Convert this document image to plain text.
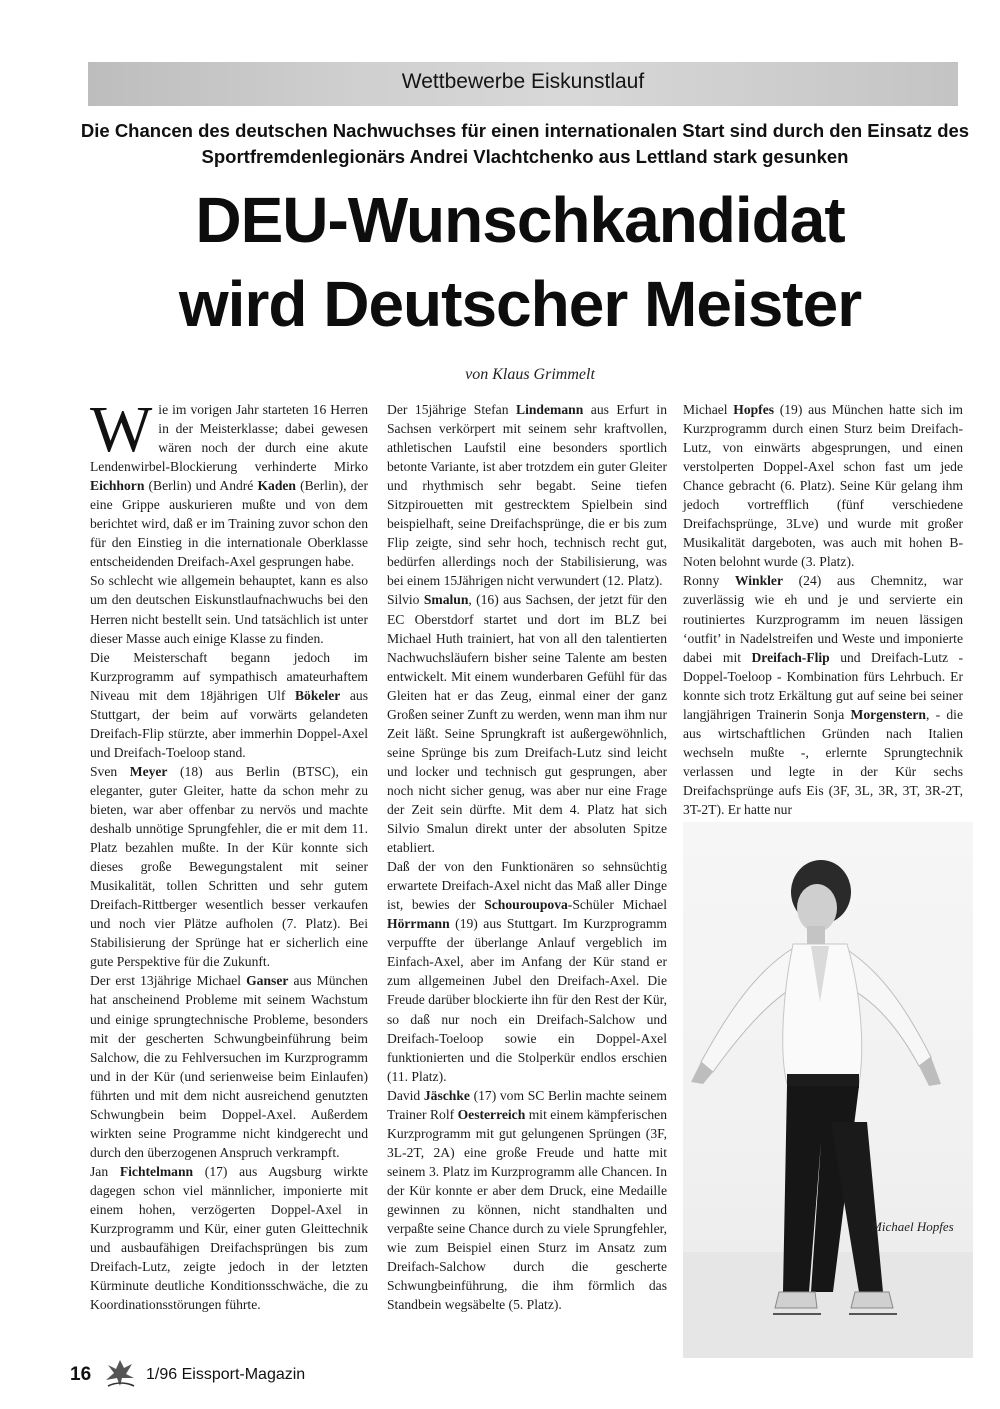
Wettbewerbe Eiskunstlauf
Die Chancen des deutschen Nachwuchses für einen internationalen Start sind durch den Einsatz des Sportfremdenlegionärs Andrei Vlachtchenko aus Lettland stark gesunken
DEU-Wunschkandidat
wird Deutscher Meister
von Klaus Grimmelt

Wie im vorigen Jahr starteten 16 Herren in der Meisterklasse; dabei gewesen wären noch der durch eine akute Lendenwirbel-Blockierung verhinderte Mirko Eichhorn (Berlin) und André Kaden (Berlin), der eine Grippe auskurieren mußte und von dem berichtet wird, daß er im Training zuvor schon den für den Einstieg in die internationale Oberklasse entscheidenden Dreifach-Axel gesprungen habe.

So schlecht wie allgemein behauptet, kann es also um den deutschen Eiskunstlaufnachwuchs bei den Herren nicht bestellt sein. Und tatsächlich ist unter dieser Masse auch einige Klasse zu finden.

Die Meisterschaft begann jedoch im Kurzprogramm auf sympathisch amateurhaftem Niveau mit dem 18jährigen Ulf Bökeler aus Stuttgart, der beim auf vorwärts gelandeten Dreifach-Flip stürzte, aber immerhin Doppel-Axel und Dreifach-Toeloop stand.

Sven Meyer (18) aus Berlin (BTSC), ein eleganter, guter Gleiter, hatte da schon mehr zu bieten, war aber offenbar zu nervös und machte deshalb unnötige Sprungfehler, die er mit dem 11. Platz bezahlen mußte. In der Kür konnte sich dieses große Bewegungstalent mit seiner Musikalität, tollen Schritten und sehr gutem Dreifach-Rittberger wesentlich besser verkaufen und noch vier Plätze aufholen (7. Platz). Bei Stabilisierung der Sprünge hat er sicherlich eine gute Perspektive für die Zukunft.

Der erst 13jährige Michael Ganser aus München hat anscheinend Probleme mit seinem Wachstum und einige sprungtechnische Probleme, besonders mit der gescherten Schwungbeinführung beim Salchow, die zu Fehlversuchen im Kurzprogramm und in der Kür (und serienweise beim Einlaufen) führten und mit dem nicht ausreichend genutzten Schwungbein beim Doppel-Axel. Außerdem wirkten seine Programme nicht kindgerecht und durch den überzogenen Anspruch verkrampft.

Jan Fichtelmann (17) aus Augsburg wirkte dagegen schon viel männlicher, imponierte mit einem hohen, verzögerten Doppel-Axel in Kurzprogramm und Kür, einer guten Gleittechnik und ausbaufähigen Dreifachsprüngen bis zum Dreifach-Lutz, zeigte jedoch in der letzten Kürminute deutliche Konditionsschwäche, die zu Koordinationsstörungen führte.

Der 15jährige Stefan Lindemann aus Erfurt in Sachsen verkörpert mit seinem sehr kraftvollen, athletischen Laufstil eine besonders sportlich betonte Variante, ist aber trotzdem ein guter Gleiter und rhythmisch sehr begabt. Seine tiefen Sitzpirouetten mit gestrecktem Spielbein sind beispielhaft, seine Dreifachsprünge, die er bis zum Flip zeigte, sind sehr hoch, technisch recht gut, bedürfen allerdings noch der Stabilisierung, was bei einem 15Jährigen nicht verwundert (12. Platz).

Silvio Smalun, (16) aus Sachsen, der jetzt für den EC Oberstdorf startet und dort im BLZ bei Michael Huth trainiert, hat von all den talentierten Nachwuchsläufern bisher seine Talente am besten entwickelt. Mit einem wunderbaren Gefühl für das Gleiten hat er das Zeug, einmal einer der ganz Großen seiner Zunft zu werden, wenn man ihm nur Zeit läßt. Seine Sprungkraft ist außergewöhnlich, seine Sprünge bis zum Dreifach-Lutz sind leicht und locker und technisch gut gesprungen, aber noch nicht sicher genug, was aber nur eine Frage der Zeit sein dürfte. Mit dem 4. Platz hat sich Silvio Smalun direkt unter der absoluten Spitze etabliert.

Daß der von den Funktionären so sehnsüchtig erwartete Dreifach-Axel nicht das Maß aller Dinge ist, bewies der Schouroupova-Schüler Michael Hörrmann (19) aus Stuttgart. Im Kurzprogramm verpuffte der überlange Anlauf vergeblich im Einfach-Axel, aber im Anfang der Kür stand er zum allgemeinen Jubel den Dreifach-Axel. Die Freude darüber blockierte ihn für den Rest der Kür, so daß nur noch ein Dreifach-Salchow und Dreifach-Toeloop sowie ein Doppel-Axel funktionierten und die Stolperkür endlos erschien (11. Platz).

David Jäschke (17) vom SC Berlin machte seinem Trainer Rolf Oesterreich mit einem kämpferischen Kurzprogramm mit gut gelungenen Sprüngen (3F, 3L-2T, 2A) eine große Freude und hatte mit seinem 3. Platz im Kurzprogramm alle Chancen. In der Kür konnte er aber dem Druck, eine Medaille gewinnen zu können, nicht standhalten und verpaßte seine Chance durch zu viele Sprungfehler, wie zum Beispiel einen Sturz im Ansatz zum Dreifach-Salchow durch die gescherte Schwungbeinführung, die ihm förmlich das Standbein wegsäbelte (5. Platz).

Michael Hopfes (19) aus München hatte sich im Kurzprogramm durch einen Sturz beim Dreifach-Lutz, von einwärts abgesprungen, und einen verstolperten Doppel-Axel schon fast um jede Chance gebracht (6. Platz). Seine Kür gelang ihm jedoch vortrefflich (fünf verschiedene Dreifachsprünge, 3Lve) und wurde mit großer Musikalität dargeboten, was auch mit hohen B-Noten belohnt wurde (3. Platz).

Ronny Winkler (24) aus Chemnitz, war zuverlässig wie eh und je und servierte ein routiniertes Kurzprogramm im neuen lässigen ‘outfit’ in Nadelstreifen und Weste und imponierte dabei mit Dreifach-Flip und Dreifach-Lutz - Doppel-Toeloop - Kombination fürs Lehrbuch. Er konnte sich trotz Erkältung gut auf seine bei seiner langjährigen Trainerin Sonja Morgenstern, - die aus wirtschaftlichen Gründen nach Italien wechseln mußte -, erlernte Sprungtechnik verlassen und legte in der Kür sechs Dreifachsprünge aufs Eis (3F, 3L, 3R, 3T, 3R-2T, 3T-2T). Er hatte nur

Michael Hopfes
16	1/96 Eissport-Magazin
